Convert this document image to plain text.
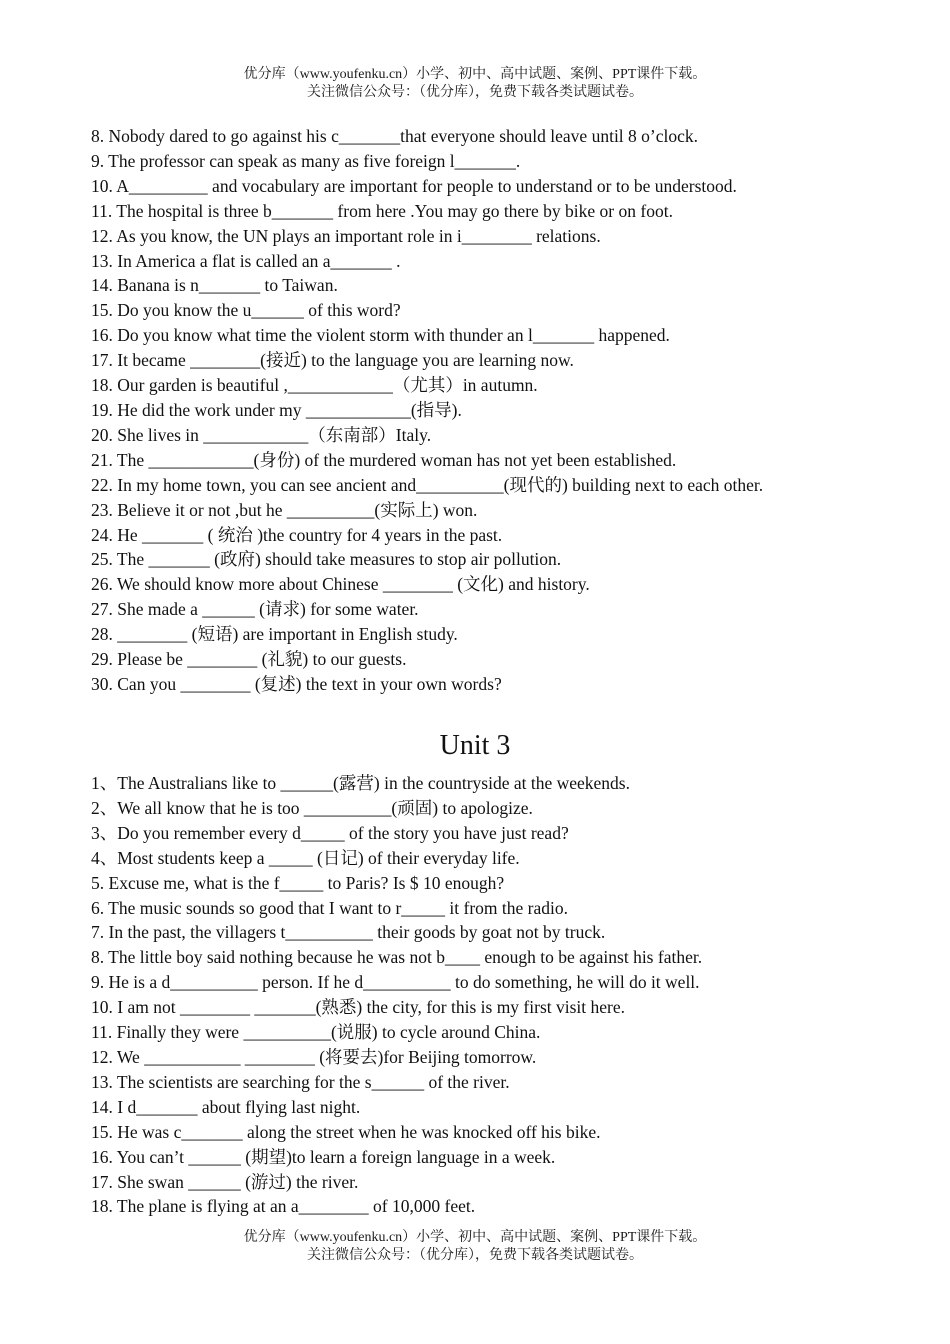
优分库（www.youfenku.cn）小学、初中、高中试题、案例、PPT课件下载。
关注微信公众号：（优分库），免费下载各类试题试卷。
8. Nobody dared to go against his c_______that everyone should leave until 8 o’clock.
9. The professor can speak as many as five foreign l_______.
10. A_________ and vocabulary are important for people to understand or to be understood.
11. The hospital is three b_______ from here .You may go there by bike or on foot.
12. As you know, the UN plays an important role in i________ relations.
13. In America a flat is called an a_______ .
14. Banana is n_______ to Taiwan.
15. Do you know the u______ of this word?
16. Do you know what time the violent storm with thunder an l_______ happened.
17. It became ________(接近) to the language you are learning now.
18. Our garden is beautiful ,____________（尤其）in autumn.
19. He did the work under my ____________(指导).
20. She lives in ____________（东南部）Italy.
21. The ____________(身份) of the murdered woman has not yet been established.
22. In my home town, you can see ancient and__________(现代的) building next to each other.
23. Believe it or not ,but he __________(实际上) won.
24. He _______ ( 统治 )the country for 4 years in the past.
25. The _______ (政府) should take measures to stop air pollution.
26. We should know more about Chinese ________ (文化) and history.
27. She made a ______ (请求) for some water.
28. ________ (短语) are important in English study.
29. Please be ________ (礼貌) to our guests.
30. Can you ________ (复述) the text in your own words?
Unit 3
1、The Australians like to ______(露营) in the countryside at the weekends.
2、We all know that he is too __________(顽固) to apologize.
3、Do you remember every d_____ of the story you have just read?
4、Most students keep a _____ (日记) of their everyday life.
5. Excuse me, what is the f_____ to Paris? Is $ 10 enough?
6. The music sounds so good that I want to r_____ it from the radio.
7. In the past, the villagers t__________ their goods by goat not by truck.
8. The little boy said nothing because he was not b____ enough to be against his father.
9. He is a d__________ person. If he d__________ to do something, he will do it well.
10. I am not ________ _______(熟悉) the city, for this is my first visit here.
11. Finally they were __________(说服) to cycle around China.
12. We ___________ ________ (将要去)for Beijing tomorrow.
13. The scientists are searching for the s______ of the river.
14. I d_______ about flying last night.
15. He was c_______ along the street when he was knocked off his bike.
16. You can’t ______ (期望)to learn a foreign language in a week.
17. She swan ______ (游过) the river.
18. The plane is flying at an a________ of 10,000 feet.
优分库（www.youfenku.cn）小学、初中、高中试题、案例、PPT课件下载。
关注微信公众号：（优分库），免费下载各类试题试卷。
